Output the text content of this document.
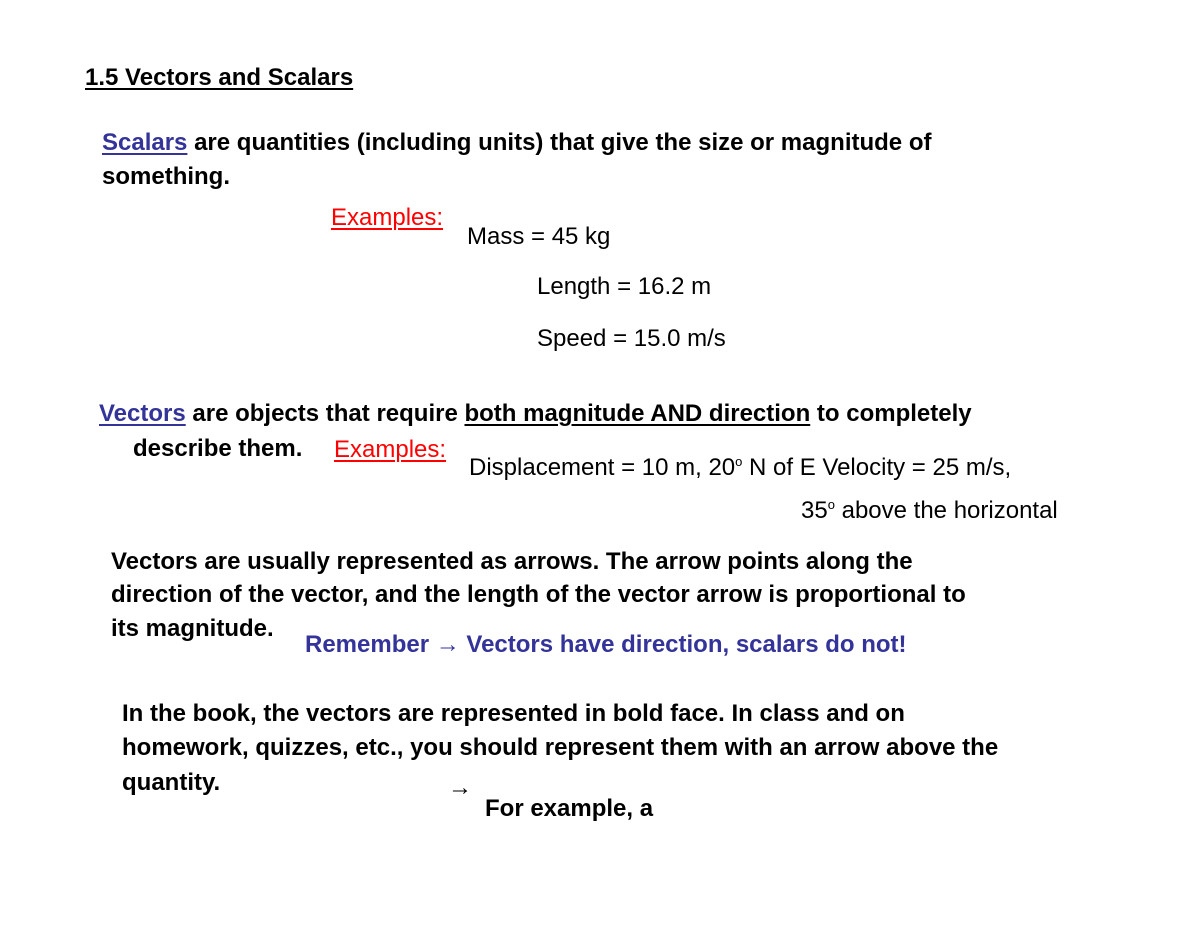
1.5 Vectors and Scalars
Scalars are quantities (including units) that give the size or magnitude of
something.
Examples:
Mass = 45 kg
Length = 16.2 m
Speed = 15.0 m/s
Vectors are objects that require both magnitude AND direction to completely
describe them. Examples:
Displacement = 10 m, 20$^o$ N of E Velocity = 25 m/s,
35$^o$ above the horizontal
Vectors are usually represented as arrows. The arrow points along the
direction of the vector, and the length of the vector arrow is proportional to
its magnitude.
Remember → Vectors have direction, scalars do not!
In the book, the vectors are represented in bold face. In class and on
homework, quizzes, etc., you should represent them with an arrow above the
quantity.	→
For example, a
